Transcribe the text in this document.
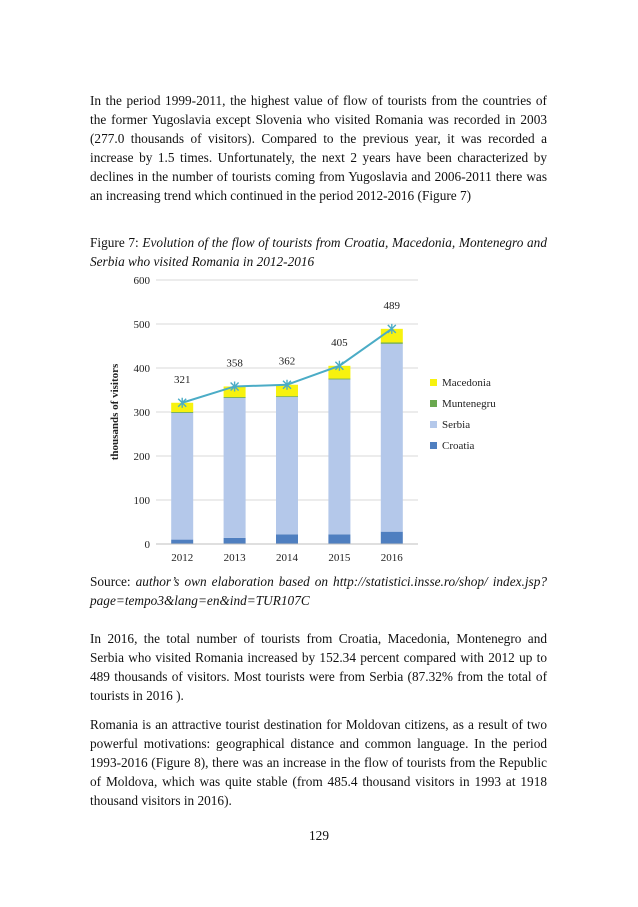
In the period 1999-2011, the highest value of flow of tourists from the countries of the former Yugoslavia except Slovenia who visited Romania was recorded in 2003 (277.0 thousands of visitors). Compared to the previous year, it was recorded a increase by 1.5 times. Unfortunately, the next 2 years have been characterized by declines in the number of tourists coming from Yugoslavia and 2006-2011 there was an increasing trend which continued in the period 2012-2016 (Figure 7)

Figure 7: Evolution of the flow of tourists from Croatia, Macedonia, Montenegro and Serbia who visited Romania in 2012-2016

0
100
200
300
400
500
600
thousands of visitors
2012	2013	2014	2015	2016
321
358	362
405
489
Macedonia
Muntenegru
Serbia
Croatia

Source: author’s own elaboration based on http://statistici.insse.ro/shop/ index.jsp?page=tempo3&lang=en&ind=TUR107C

In 2016, the total number of tourists from Croatia, Macedonia, Montenegro and Serbia who visited Romania increased by 152.34 percent compared with 2012 up to 489 thousands of visitors. Most tourists were from Serbia (87.32% from the total of tourists in 2016 ).

Romania is an attractive tourist destination for Moldovan citizens, as a result of two powerful motivations: geographical distance and common language. In the period 1993-2016 (Figure 8), there was an increase in the flow of tourists from the Republic of Moldova, which was quite stable (from 485.4 thousand visitors in 1993 at 1918 thousand visitors in 2016).

129
